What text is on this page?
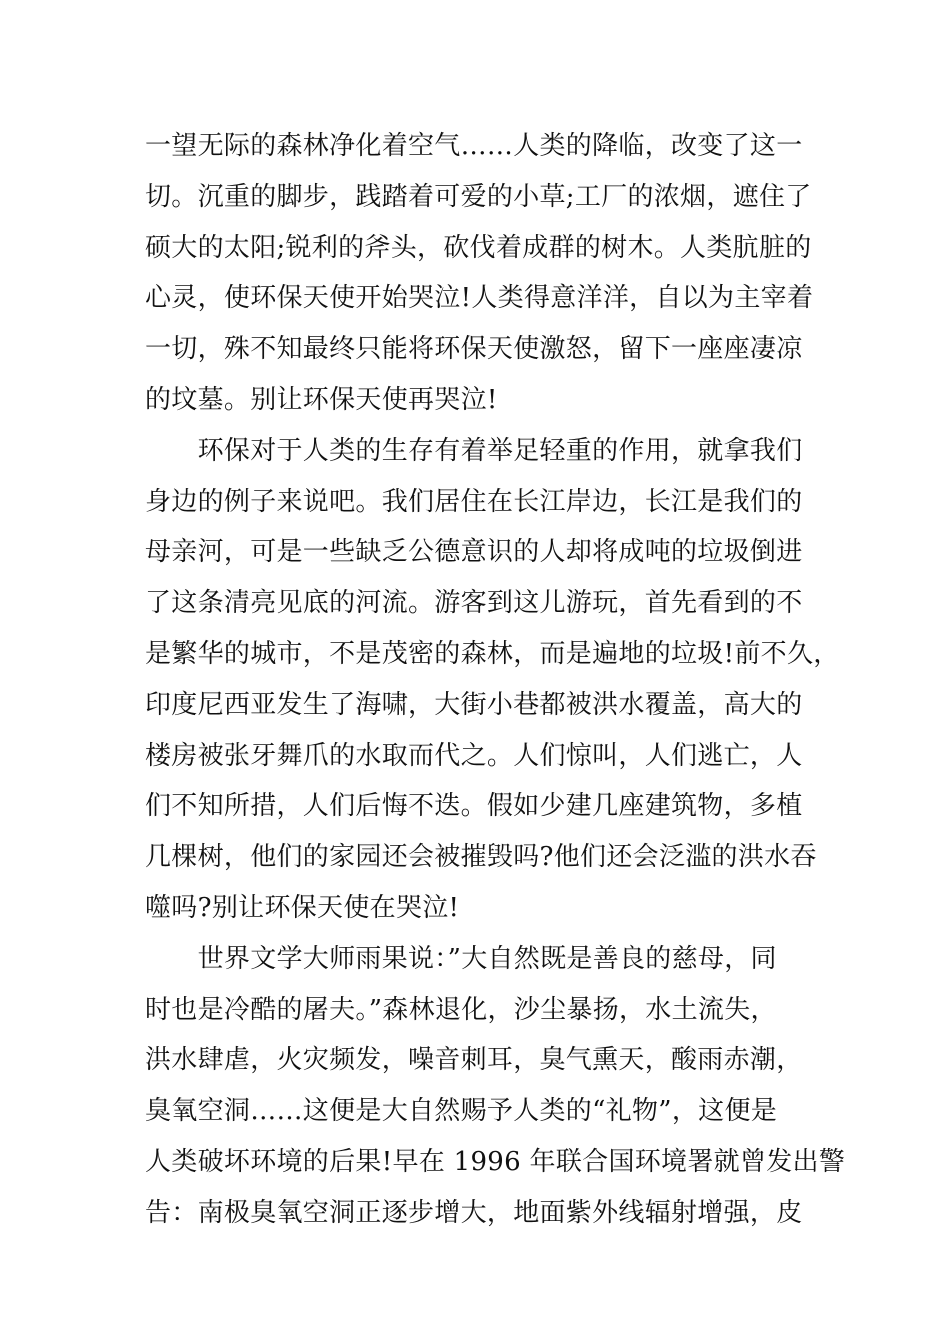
一望无际的森林净化着空气……人类的降临，改变了这一
切。沉重的脚步，践踏着可爱的小草;工厂的浓烟，遮住了
硕大的太阳;锐利的斧头，砍伐着成群的树木。人类肮脏的
心灵，使环保天使开始哭泣!人类得意洋洋，自以为主宰着
一切，殊不知最终只能将环保天使激怒，留下一座座凄凉
的坟墓。别让环保天使再哭泣!
　　环保对于人类的生存有着举足轻重的作用，就拿我们
身边的例子来说吧。我们居住在长江岸边，长江是我们的
母亲河，可是一些缺乏公德意识的人却将成吨的垃圾倒进
了这条清亮见底的河流。游客到这儿游玩，首先看到的不
是繁华的城市，不是茂密的森林，而是遍地的垃圾!前不久，
印度尼西亚发生了海啸，大街小巷都被洪水覆盖，高大的
楼房被张牙舞爪的水取而代之。人们惊叫，人们逃亡，人
们不知所措，人们后悔不迭。假如少建几座建筑物，多植
几棵树，他们的家园还会被摧毁吗?他们还会泛滥的洪水吞
噬吗?别让环保天使在哭泣!
　　世界文学大师雨果说：”大自然既是善良的慈母，同
时也是冷酷的屠夫。”森林退化，沙尘暴扬，水土流失，
洪水肆虐，火灾频发，噪音刺耳，臭气熏天，酸雨赤潮，
臭氧空洞……这便是大自然赐予人类的“礼物”，这便是
人类破坏环境的后果!早在 1996 年联合国环境署就曾发出警
告：南极臭氧空洞正逐步增大，地面紫外线辐射增强，皮
